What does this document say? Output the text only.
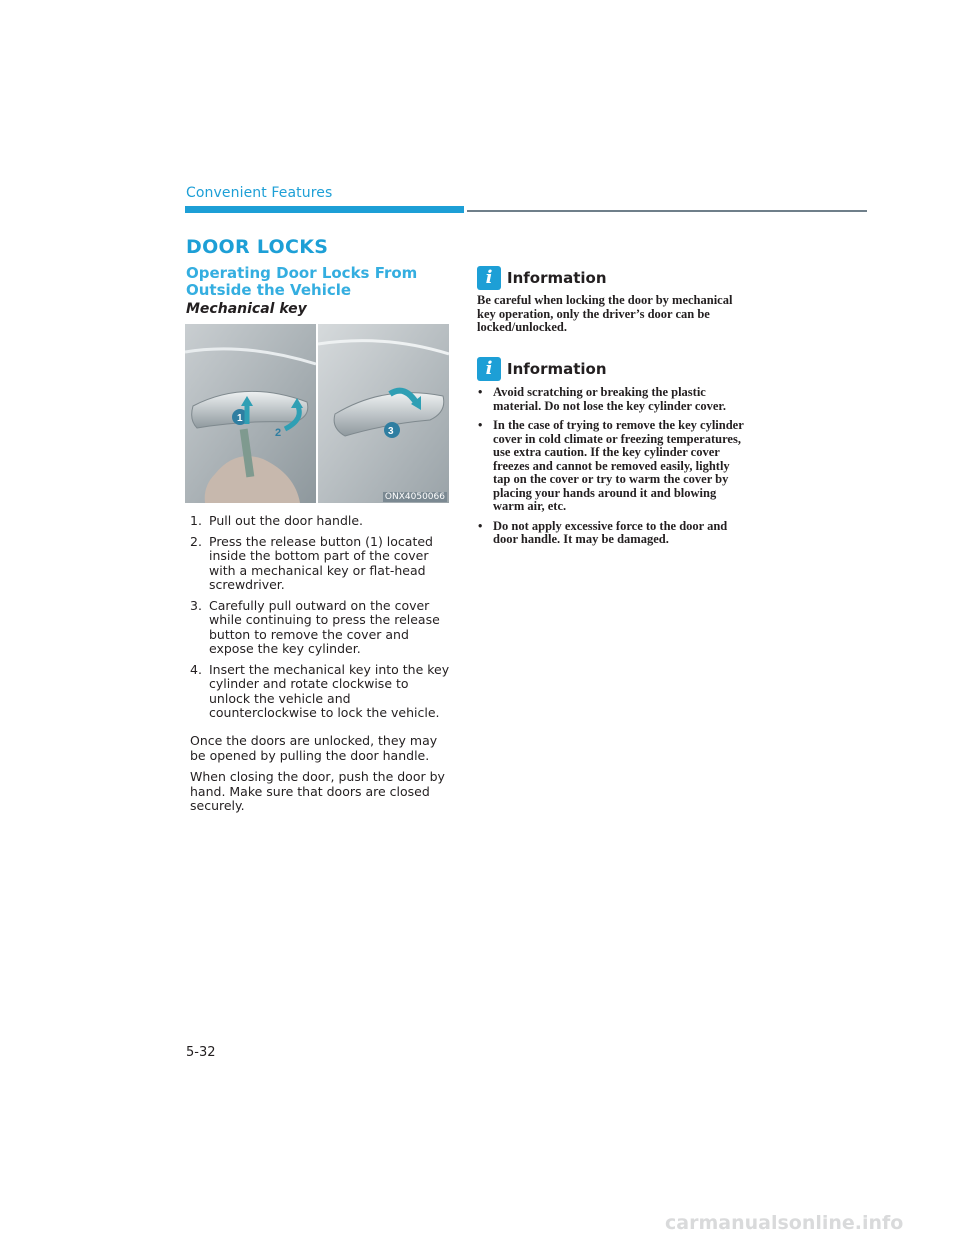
Convenient Features
DOOR LOCKS
Operating Door Locks From Outside the Vehicle
Mechanical key
1
2	3
ONX4050066
1. Pull out the door handle.
2. Press the release button (1) located inside the bottom part of the cover with a mechanical key or flat-head screwdriver.
3. Carefully pull outward on the cover while continuing to press the release button to remove the cover and expose the key cylinder.
4. Insert the mechanical key into the key cylinder and rotate clockwise to unlock the vehicle and counterclockwise to lock the vehicle.

Once the doors are unlocked, they may be opened by pulling the door handle.

When closing the door, push the door by hand. Make sure that doors are closed securely.

i Information

Be careful when locking the door by mechanical key operation, only the driver’s door can be locked/unlocked.

i Information
• Avoid scratching or breaking the plastic material. Do not lose the key cylinder cover.
• In the case of trying to remove the key cylinder cover in cold climate or freezing temperatures, use extra caution. If the key cylinder cover freezes and cannot be removed easily, lightly tap on the cover or try to warm the cover by placing your hands around it and blowing warm air, etc.
• Do not apply excessive force to the door and door handle. It may be damaged.
5-32
carmanualsonline.info
